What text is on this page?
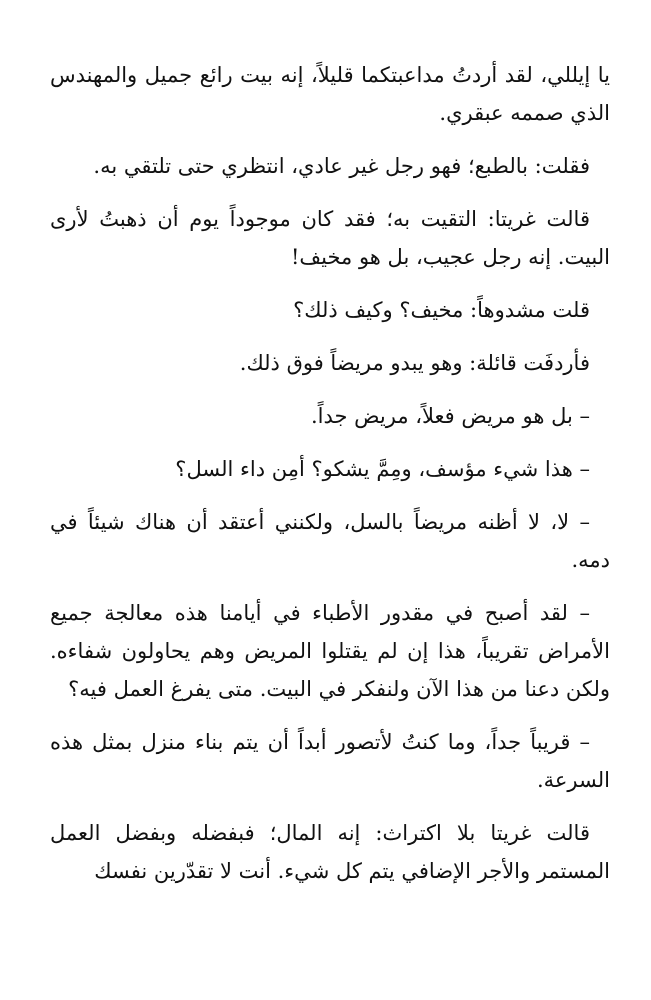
يا إيللي، لقد أردتُ مداعبتكما قليلاً، إنه بيت رائع جميل والمهندس الذي صممه عبقري.

فقلت: بالطبع؛ فهو رجل غير عادي، انتظري حتى تلتقي به.

قالت غريتا: التقيت به؛ فقد كان موجوداً يوم أن ذهبتُ لأرى البيت. إنه رجل عجيب، بل هو مخيف!

قلت مشدوهاً: مخيف؟ وكيف ذلك؟

فأردفَت قائلة: وهو يبدو مريضاً فوق ذلك.

– بل هو مريض فعلاً، مريض جداً.

– هذا شيء مؤسف، ومِمَّ يشكو؟ أمِن داء السل؟

– لا، لا أظنه مريضاً بالسل، ولكنني أعتقد أن هناك شيئاً في دمه.

– لقد أصبح في مقدور الأطباء في أيامنا هذه معالجة جميع الأمراض تقريباً، هذا إن لم يقتلوا المريض وهم يحاولون شفاءه. ولكن دعنا من هذا الآن ولنفكر في البيت. متى يفرغ العمل فيه؟

– قريباً جداً، وما كنتُ لأتصور أبداً أن يتم بناء منزل بمثل هذه السرعة.

قالت غريتا بلا اكتراث: إنه المال؛ فبفضله وبفضل العمل المستمر والأجر الإضافي يتم كل شيء. أنت لا تقدّرين نفسك
